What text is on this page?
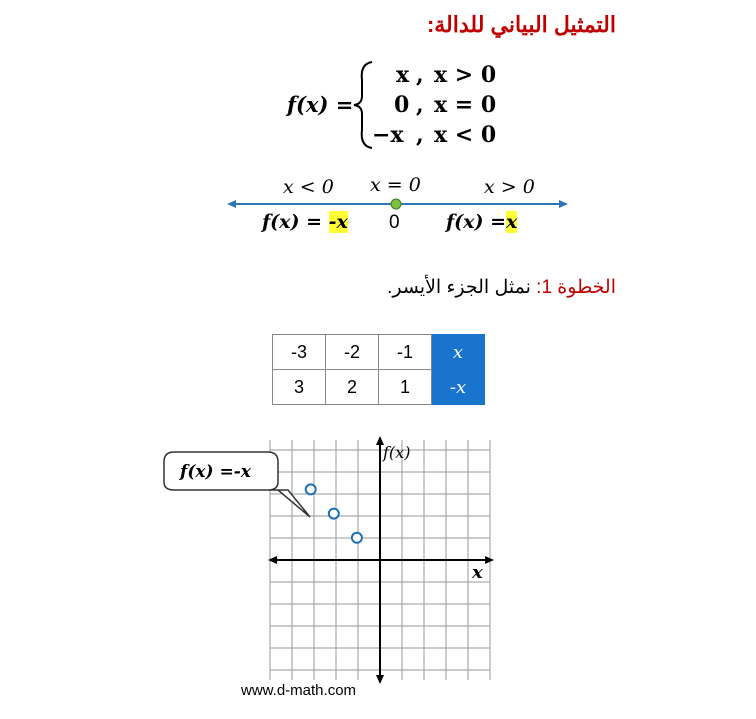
التمثيل البياني للدالة:
f(x) =
x , x > 0
0 , x = 0
−x , x < 0
x < 0 x = 0	x > 0
f(x) = -x 0 f(x) =x
الخطوة 1: نمثل الجزء الأيسر.
-3	-2	-1	x
3	2	1	-x
f(x)
x
f(x) =-x
www.d-math.com
